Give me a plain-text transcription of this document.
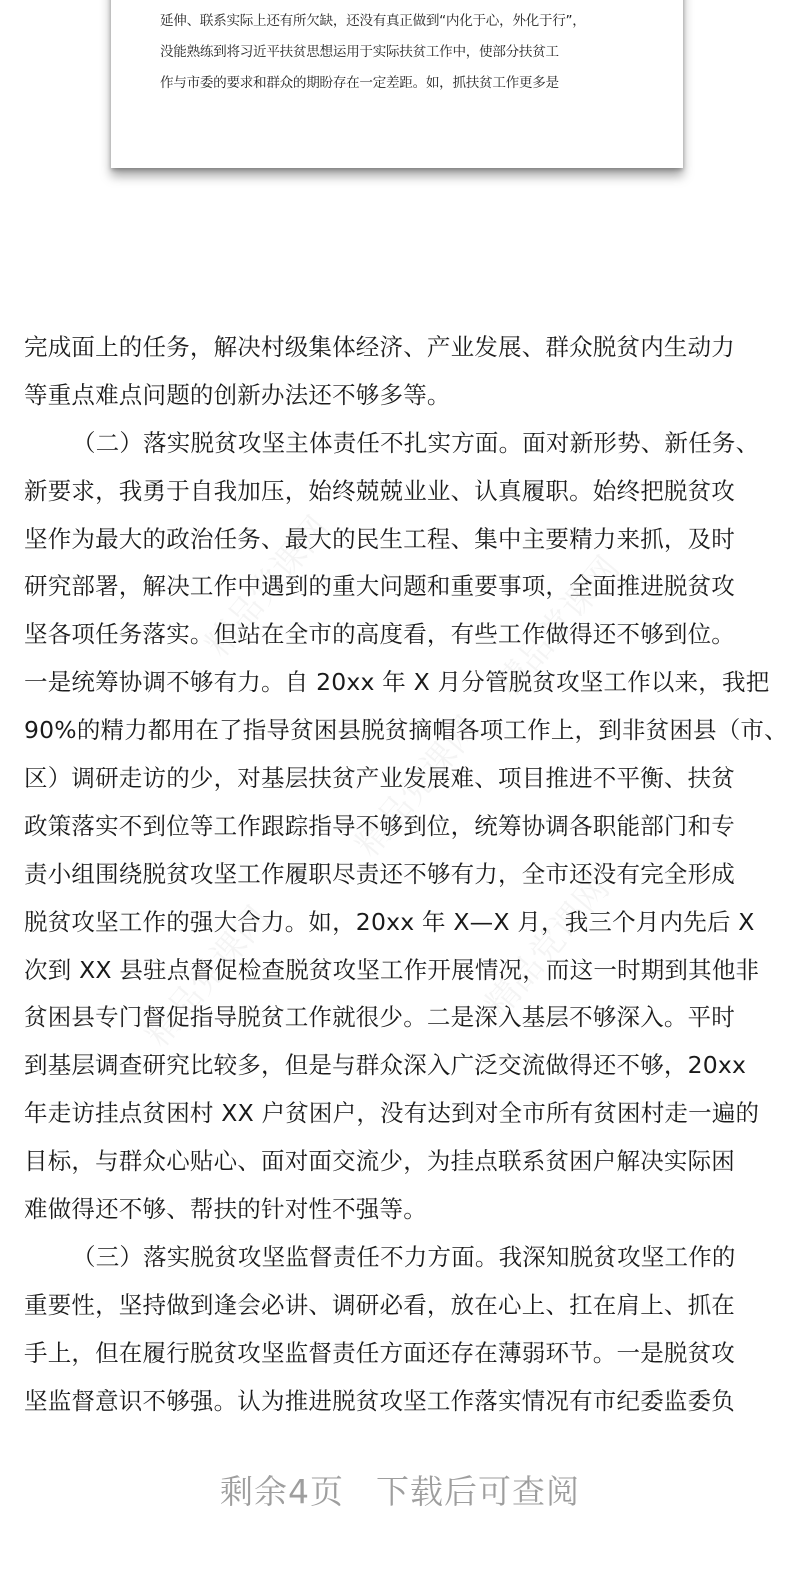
延伸、联系实际上还有所欠缺，还没有真正做到“内化于心，外化于行”，
没能熟练到将习近平扶贫思想运用于实际扶贫工作中，使部分扶贫工
作与市委的要求和群众的期盼存在一定差距。如，抓扶贫工作更多是
完成面上的任务，解决村级集体经济、产业发展、群众脱贫内生动力
等重点难点问题的创新办法还不够多等。
（二）落实脱贫攻坚主体责任不扎实方面。面对新形势、新任务、
新要求，我勇于自我加压，始终兢兢业业、认真履职。始终把脱贫攻
坚作为最大的政治任务、最大的民生工程、集中主要精力来抓，及时
研究部署，解决工作中遇到的重大问题和重要事项，全面推进脱贫攻
坚各项任务落实。但站在全市的高度看，有些工作做得还不够到位。
一是统筹协调不够有力。自 20xx 年 X 月分管脱贫攻坚工作以来，我把
90%的精力都用在了指导贫困县脱贫摘帽各项工作上，到非贫困县（市、
区）调研走访的少，对基层扶贫产业发展难、项目推进不平衡、扶贫
政策落实不到位等工作跟踪指导不够到位，统筹协调各职能部门和专
责小组围绕脱贫攻坚工作履职尽责还不够有力，全市还没有完全形成
脱贫攻坚工作的强大合力。如，20xx 年 X—X 月，我三个月内先后 X
次到 XX 县驻点督促检查脱贫攻坚工作开展情况，而这一时期到其他非
贫困县专门督促指导脱贫工作就很少。二是深入基层不够深入。平时
到基层调查研究比较多，但是与群众深入广泛交流做得还不够，20xx
年走访挂点贫困村 XX 户贫困户，没有达到对全市所有贫困村走一遍的
目标，与群众心贴心、面对面交流少，为挂点联系贫困户解决实际困
难做得还不够、帮扶的针对性不强等。
（三）落实脱贫攻坚监督责任不力方面。我深知脱贫攻坚工作的
重要性，坚持做到逢会必讲、调研必看，放在心上、扛在肩上、抓在
手上，但在履行脱贫攻坚监督责任方面还存在薄弱环节。一是脱贫攻
坚监督意识不够强。认为推进脱贫攻坚工作落实情况有市纪委监委负
剩余4页 下载后可查阅
